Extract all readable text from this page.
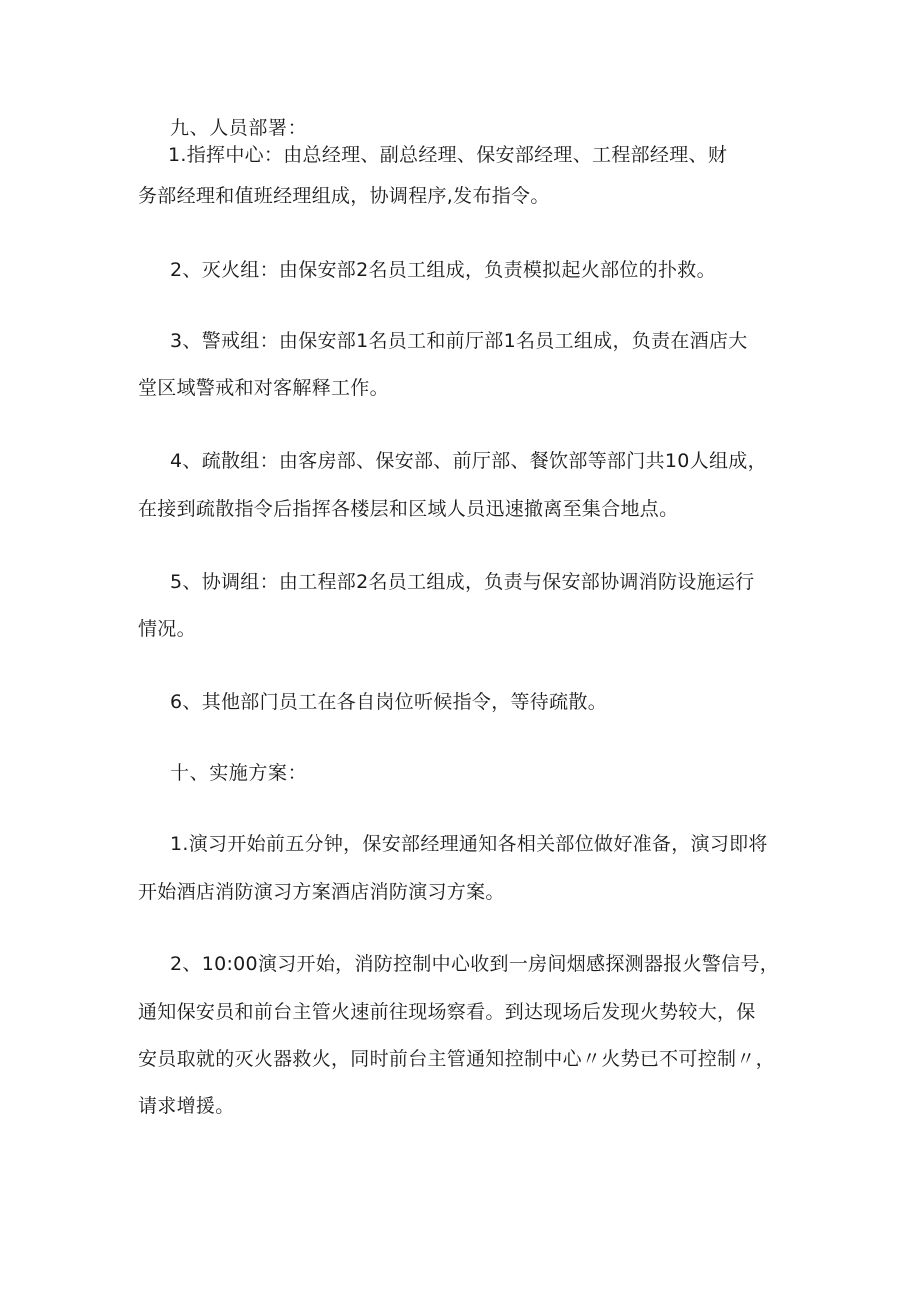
九、人员部署：
1.指挥中心：由总经理、副总经理、保安部经理、工程部经理、财
务部经理和值班经理组成，协调程序,发布指令。
2、灭火组：由保安部2名员工组成，负责模拟起火部位的扑救。
3、警戒组：由保安部1名员工和前厅部1名员工组成，负责在酒店大
堂区域警戒和对客解释工作。
4、疏散组：由客房部、保安部、前厅部、餐饮部等部门共10人组成，
在接到疏散指令后指挥各楼层和区域人员迅速撤离至集合地点。
5、协调组：由工程部2名员工组成，负责与保安部协调消防设施运行
情况。
6、其他部门员工在各自岗位听候指令，等待疏散。
十、实施方案：
1.演习开始前五分钟，保安部经理通知各相关部位做好准备，演习即将
开始酒店消防演习方案酒店消防演习方案。
2、10:00演习开始，消防控制中心收到一房间烟感探测器报火警信号，
通知保安员和前台主管火速前往现场察看。到达现场后发现火势较大，保
安员取就的灭火器救火，同时前台主管通知控制中心〃火势已不可控制〃，
请求增援。
